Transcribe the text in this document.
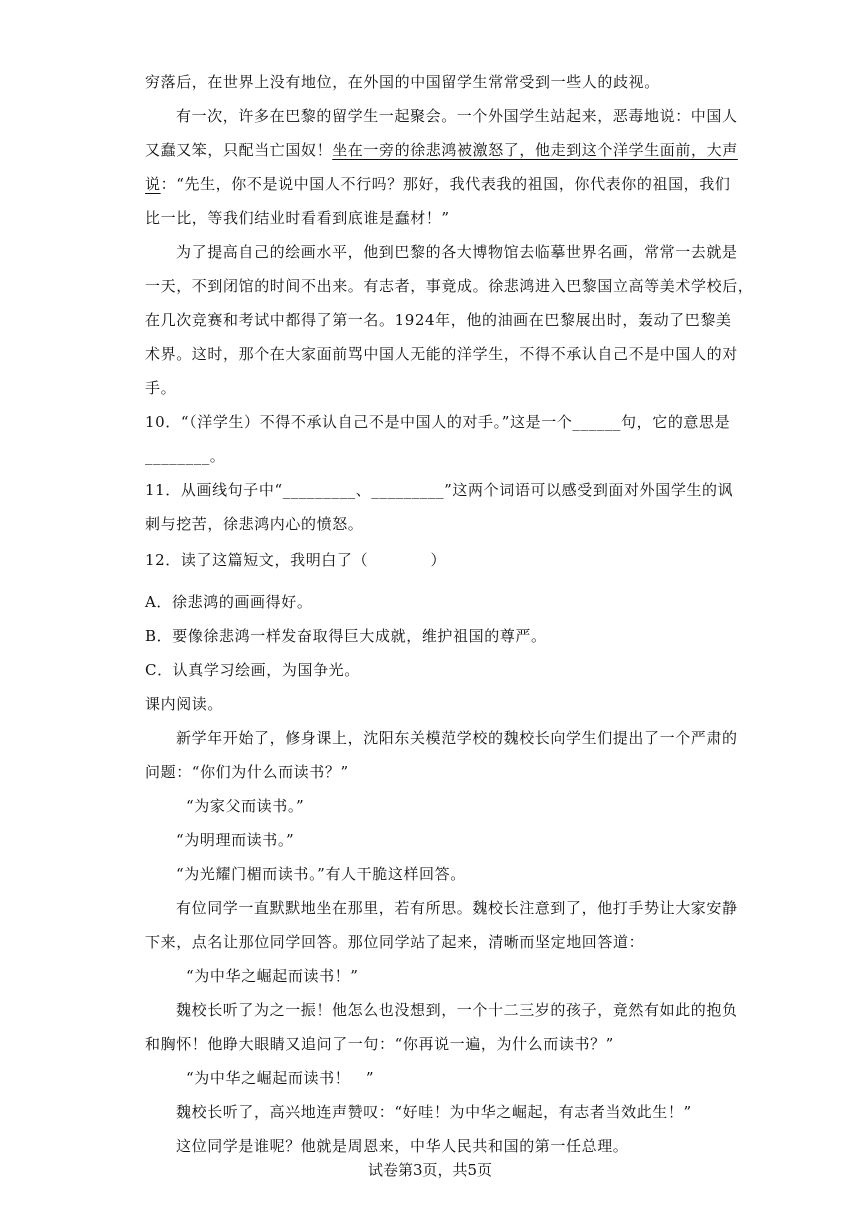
穷落后，在世界上没有地位，在外国的中国留学生常常受到一些人的歧视。
有一次，许多在巴黎的留学生一起聚会。一个外国学生站起来，恶毒地说：中国人
又蠢又笨，只配当亡国奴！坐在一旁的徐悲鸿被激怒了，他走到这个洋学生面前，大声
说：“先生，你不是说中国人不行吗？那好，我代表我的祖国，你代表你的祖国，我们
比一比，等我们结业时看看到底谁是蠢材！”
为了提高自己的绘画水平，他到巴黎的各大博物馆去临摹世界名画，常常一去就是
一天，不到闭馆的时间不出来。有志者，事竟成。徐悲鸿进入巴黎国立高等美术学校后，
在几次竞赛和考试中都得了第一名。1924年，他的油画在巴黎展出时，轰动了巴黎美
术界。这时，那个在大家面前骂中国人无能的洋学生，不得不承认自己不是中国人的对
手。
10．“（洋学生）不得不承认自己不是中国人的对手。”这是一个______句，它的意思是
________。
11．从画线句子中“_________、_________”这两个词语可以感受到面对外国学生的讽
刺与挖苦，徐悲鸿内心的愤怒。
12．读了这篇短文，我明白了（　　　　）
A．徐悲鸿的画画得好。
B．要像徐悲鸿一样发奋取得巨大成就，维护祖国的尊严。
C．认真学习绘画，为国争光。
课内阅读。
新学年开始了，修身课上，沈阳东关模范学校的魏校长向学生们提出了一个严肃的
问题：“你们为什么而读书？”
“为家父而读书。”
“为明理而读书。”
“为光耀门楣而读书。”有人干脆这样回答。
有位同学一直默默地坐在那里，若有所思。魏校长注意到了，他打手势让大家安静
下来，点名让那位同学回答。那位同学站了起来，清晰而坚定地回答道：
“为中华之崛起而读书！”
魏校长听了为之一振！他怎么也没想到，一个十二三岁的孩子，竟然有如此的抱负
和胸怀！他睁大眼睛又追问了一句：“你再说一遍，为什么而读书？”
“为中华之崛起而读书！　”
魏校长听了，高兴地连声赞叹：“好哇！为中华之崛起，有志者当效此生！”
这位同学是谁呢？他就是周恩来，中华人民共和国的第一任总理。
试卷第3页，共5页
